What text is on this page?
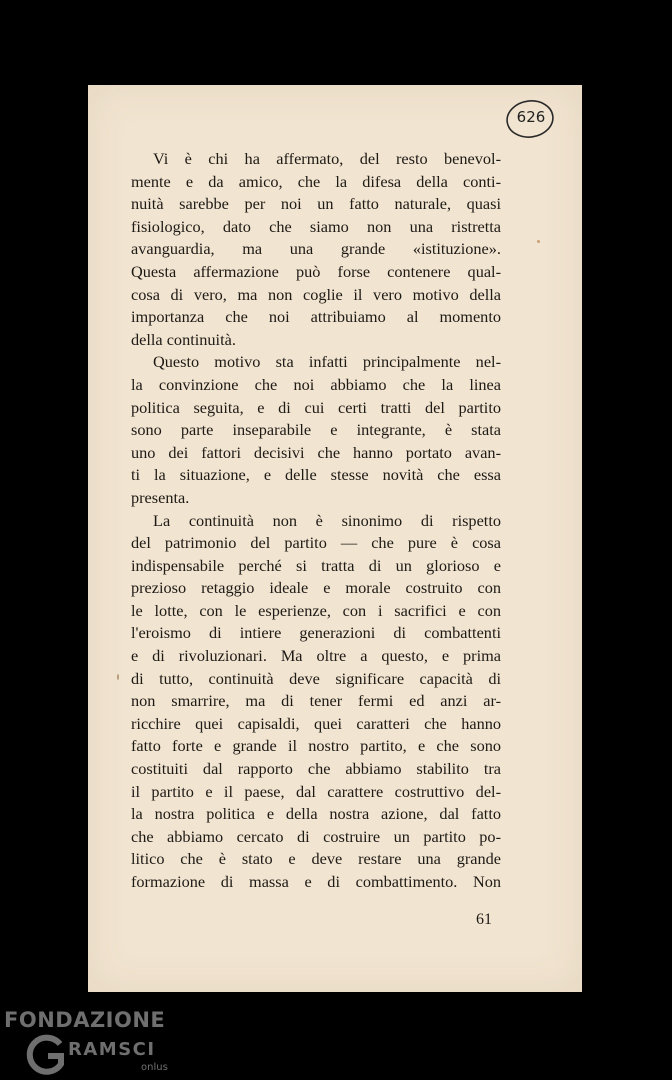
626
Vi è chi ha affermato, del resto benevol-
mente e da amico, che la difesa della conti-
nuità sarebbe per noi un fatto naturale, quasi
fisiologico, dato che siamo non una ristretta
avanguardia, ma una grande «istituzione».
Questa affermazione può forse contenere qual-
cosa di vero, ma non coglie il vero motivo della
importanza che noi attribuiamo al momento
della continuità.
Questo motivo sta infatti principalmente nel-
la convinzione che noi abbiamo che la linea
politica seguita, e di cui certi tratti del partito
sono parte inseparabile e integrante, è stata
uno dei fattori decisivi che hanno portato avan-
ti la situazione, e delle stesse novità che essa
presenta.
La continuità non è sinonimo di rispetto
del patrimonio del partito — che pure è cosa
indispensabile perché si tratta di un glorioso e
prezioso retaggio ideale e morale costruito con
le lotte, con le esperienze, con i sacrifici e con
l'eroismo di intiere generazioni di combattenti
e di rivoluzionari. Ma oltre a questo, e prima
di tutto, continuità deve significare capacità di
non smarrire, ma di tener fermi ed anzi ar-
ricchire quei capisaldi, quei caratteri che hanno
fatto forte e grande il nostro partito, e che sono
costituiti dal rapporto che abbiamo stabilito tra
il partito e il paese, dal carattere costruttivo del-
la nostra politica e della nostra azione, dal fatto
che abbiamo cercato di costruire un partito po-
litico che è stato e deve restare una grande
formazione di massa e di combattimento. Non
61
FONDAZIONE
RAMSCI
onlus
